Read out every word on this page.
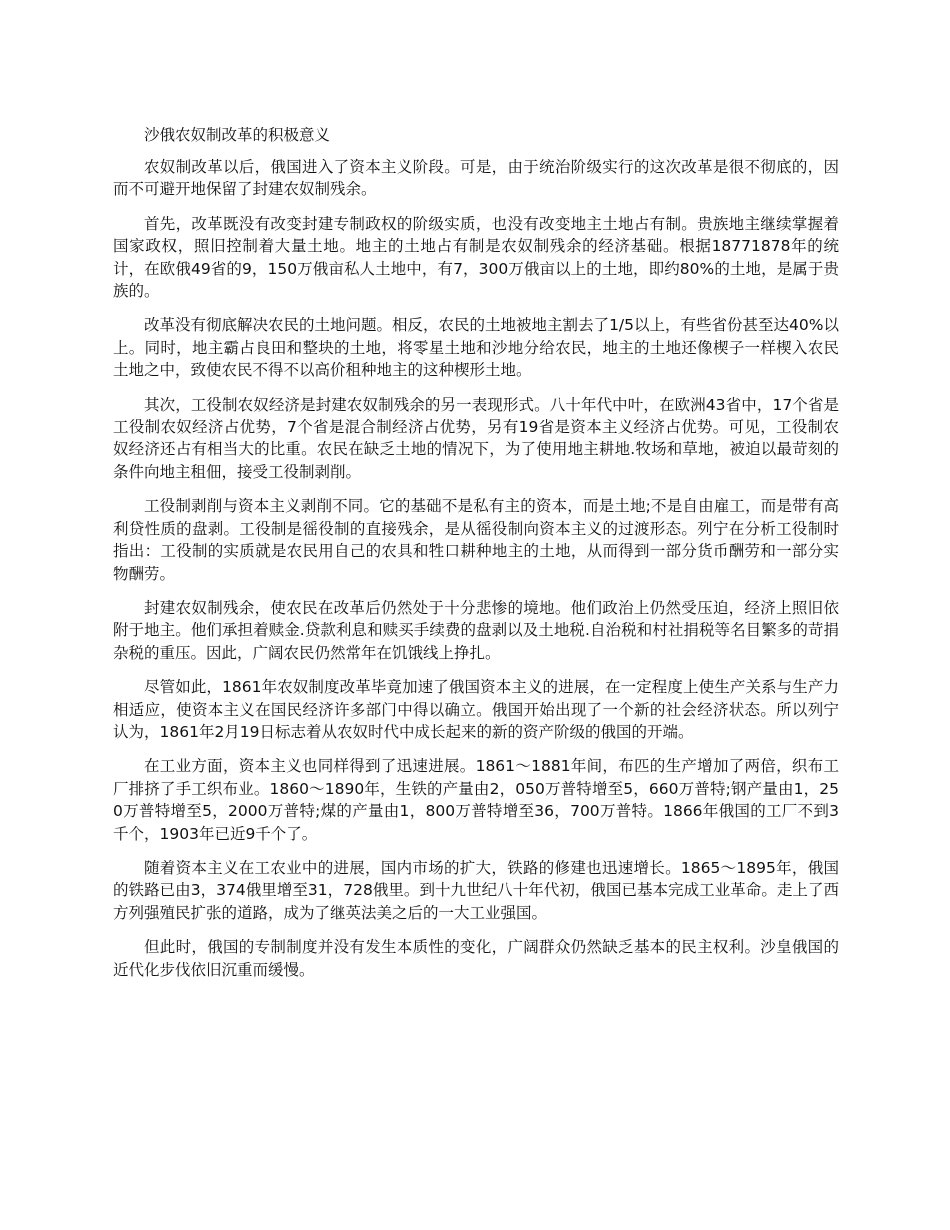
沙俄农奴制改革的积极意义

农奴制改革以后，俄国进入了资本主义阶段。可是，由于统治阶级实行的这次改革是很不彻底的，因而不可避开地保留了封建农奴制残余。

首先，改革既没有改变封建专制政权的阶级实质，也没有改变地主土地占有制。贵族地主继续掌握着国家政权，照旧控制着大量土地。地主的土地占有制是农奴制残余的经济基础。根据18771878年的统计，在欧俄49省的9，150万俄亩私人土地中，有7，300万俄亩以上的土地，即约80%的土地，是属于贵族的。

改革没有彻底解决农民的土地问题。相反，农民的土地被地主割去了1/5以上，有些省份甚至达40%以上。同时，地主霸占良田和整块的土地，将零星土地和沙地分给农民，地主的土地还像楔子一样楔入农民土地之中，致使农民不得不以高价租种地主的这种楔形土地。

其次，工役制农奴经济是封建农奴制残余的另一表现形式。八十年代中叶，在欧洲43省中，17个省是工役制农奴经济占优势，7个省是混合制经济占优势，另有19省是资本主义经济占优势。可见，工役制农奴经济还占有相当大的比重。农民在缺乏土地的情况下，为了使用地主耕地.牧场和草地，被迫以最苛刻的条件向地主租佃，接受工役制剥削。

工役制剥削与资本主义剥削不同。它的基础不是私有主的资本，而是土地;不是自由雇工，而是带有高利贷性质的盘剥。工役制是徭役制的直接残余，是从徭役制向资本主义的过渡形态。列宁在分析工役制时指出：工役制的实质就是农民用自己的农具和牲口耕种地主的土地，从而得到一部分货币酬劳和一部分实物酬劳。

封建农奴制残余，使农民在改革后仍然处于十分悲惨的境地。他们政治上仍然受压迫，经济上照旧依附于地主。他们承担着赎金.贷款利息和赎买手续费的盘剥以及土地税.自治税和村社捐税等名目繁多的苛捐杂税的重压。因此，广阔农民仍然常年在饥饿线上挣扎。

尽管如此，1861年农奴制度改革毕竟加速了俄国资本主义的进展，在一定程度上使生产关系与生产力相适应，使资本主义在国民经济许多部门中得以确立。俄国开始出现了一个新的社会经济状态。所以列宁认为，1861年2月19日标志着从农奴时代中成长起来的新的资产阶级的俄国的开端。

在工业方面，资本主义也同样得到了迅速进展。1861～1881年间，布匹的生产增加了两倍，织布工厂排挤了手工织布业。1860～1890年，生铁的产量由2，050万普特增至5，660万普特;钢产量由1，250万普特增至5，2000万普特;煤的产量由1，800万普特增至36，700万普特。1866年俄国的工厂不到3千个，1903年已近9千个了。

随着资本主义在工农业中的进展，国内市场的扩大，铁路的修建也迅速增长。1865～1895年，俄国的铁路已由3，374俄里增至31，728俄里。到十九世纪八十年代初，俄国已基本完成工业革命。走上了西方列强殖民扩张的道路，成为了继英法美之后的一大工业强国。

但此时，俄国的专制制度并没有发生本质性的变化，广阔群众仍然缺乏基本的民主权利。沙皇俄国的近代化步伐依旧沉重而缓慢。
